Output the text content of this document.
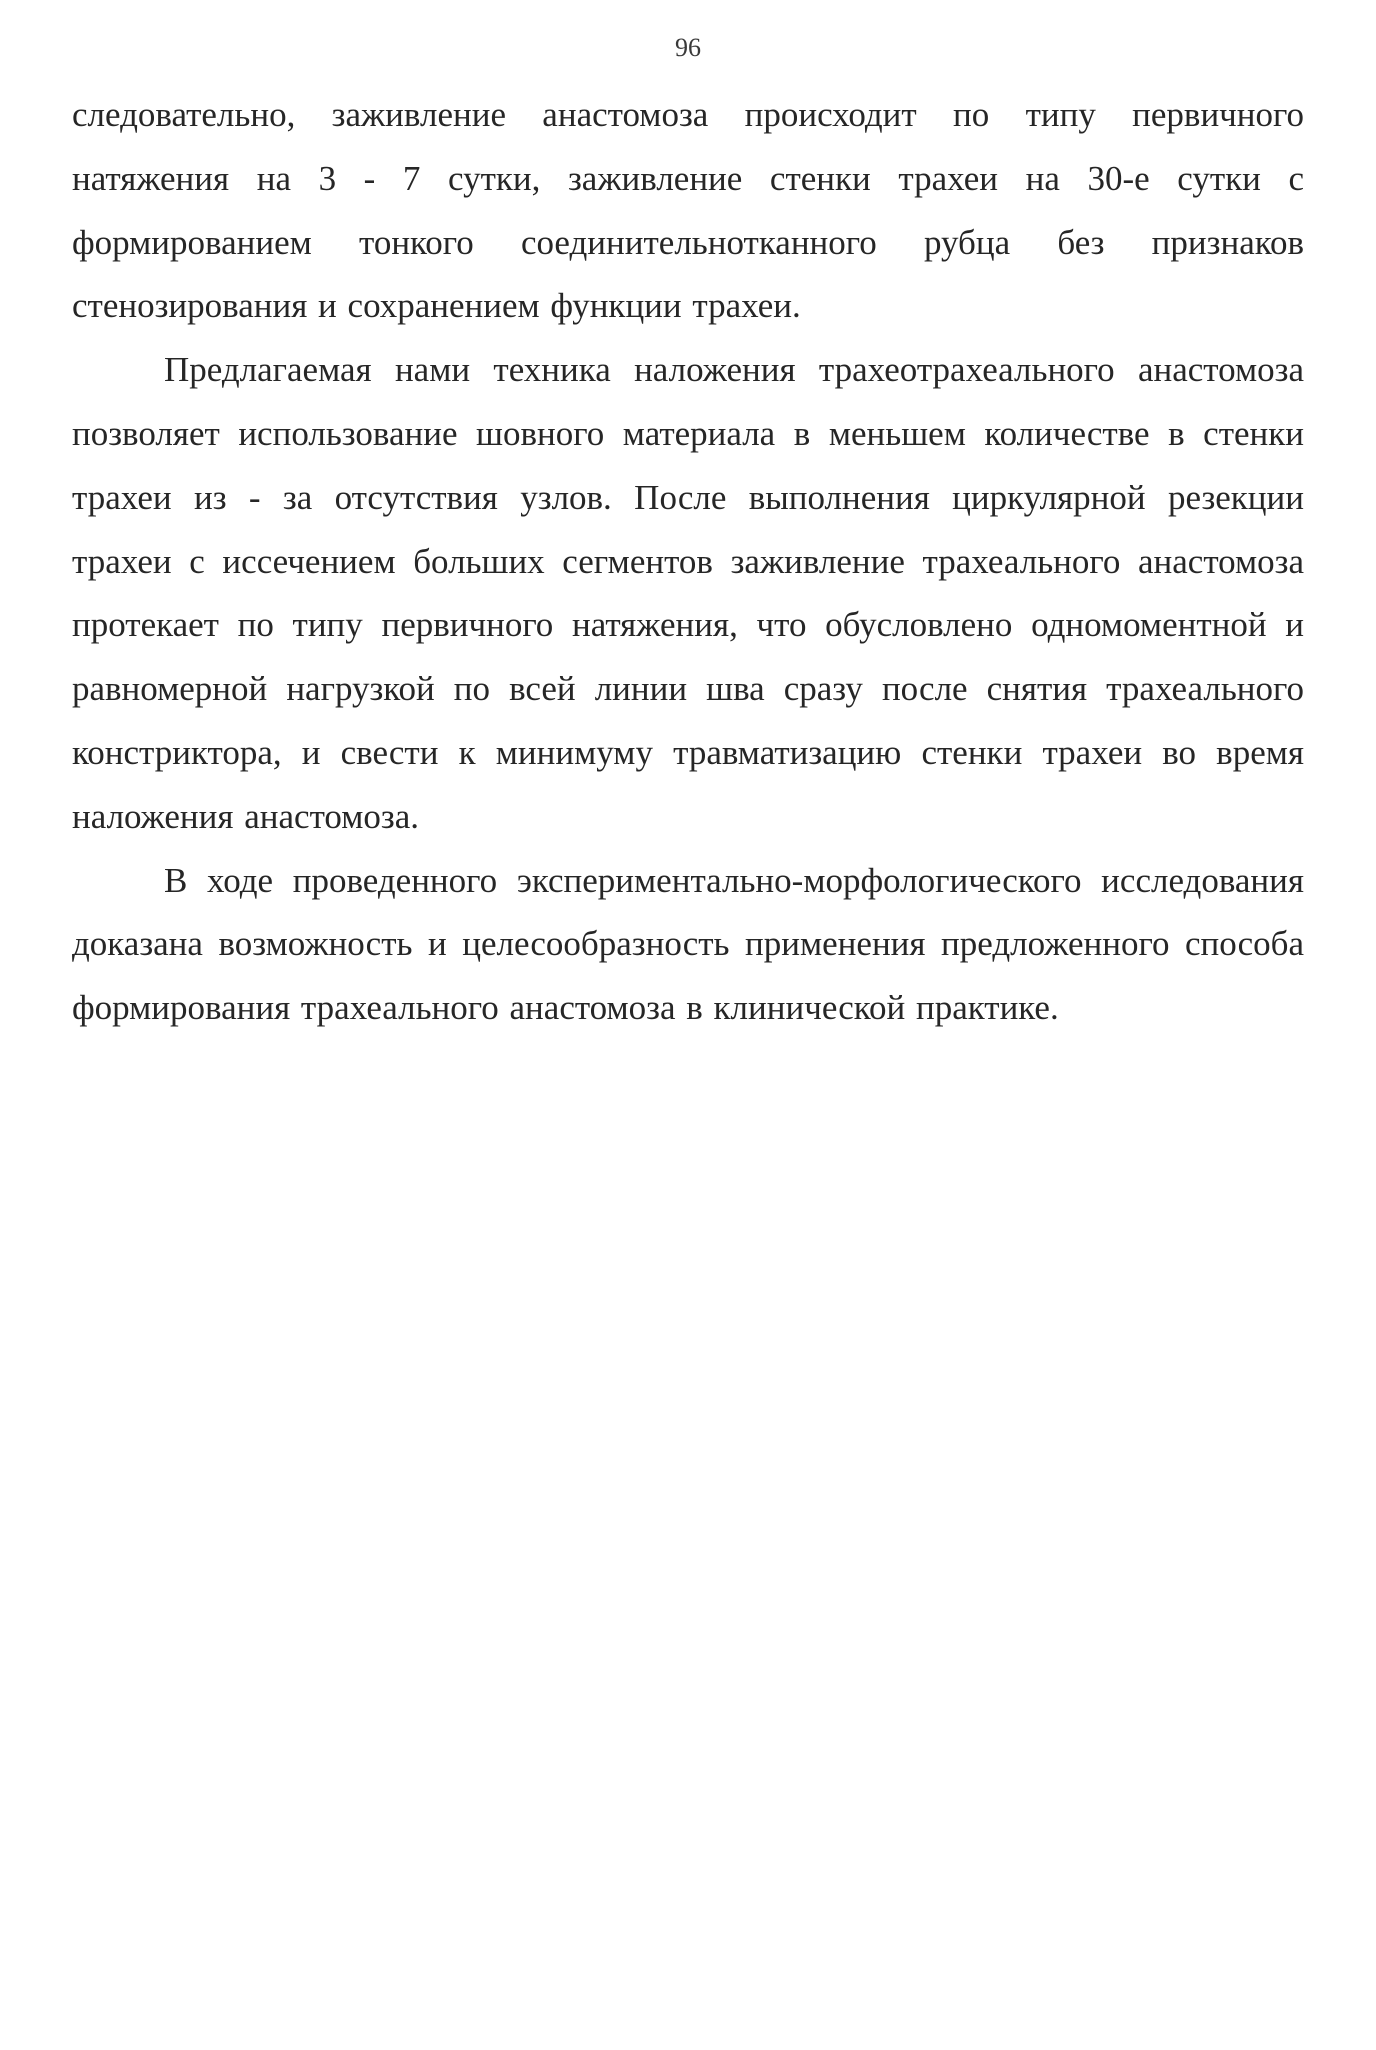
96

следовательно, заживление анастомоза происходит по типу первичного натяжения на 3 - 7 сутки, заживление стенки трахеи на 30-е сутки с формированием тонкого соединительнотканного рубца без признаков стенозирования и сохранением функции трахеи.

Предлагаемая нами техника наложения трахеотрахеального анастомоза позволяет использование шовного материала в меньшем количестве в стенки трахеи из - за отсутствия узлов. После выполнения циркулярной резекции трахеи с иссечением больших сегментов заживление трахеального анастомоза протекает по типу первичного натяжения, что обусловлено одномоментной и равномерной нагрузкой по всей линии шва сразу после снятия трахеального констриктора, и свести к минимуму травматизацию стенки трахеи во время наложения анастомоза.

В ходе проведенного экспериментально-морфологического исследования доказана возможность и целесообразность применения предложенного способа формирования трахеального анастомоза в клинической практике.
